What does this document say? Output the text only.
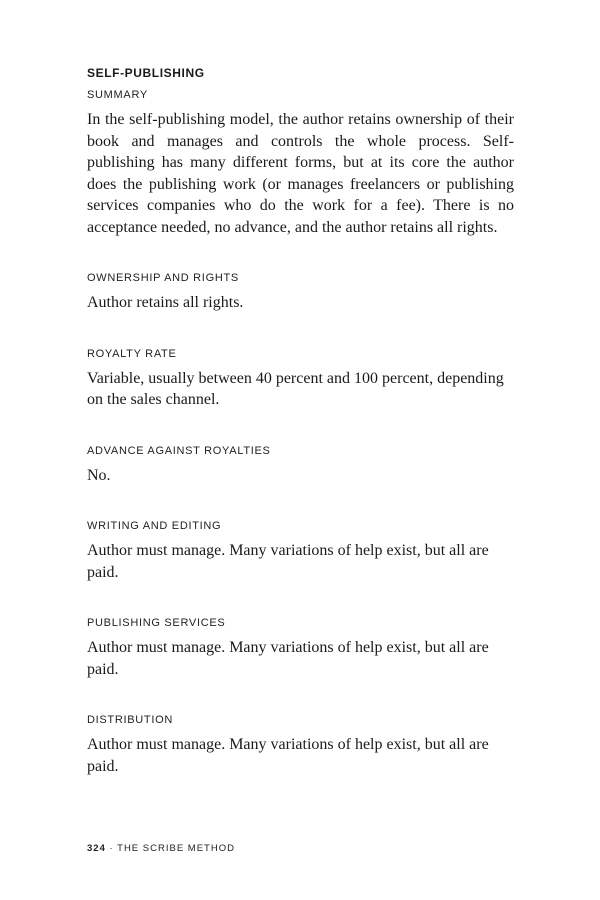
SELF-PUBLISHING

SUMMARY

In the self-publishing model, the author retains ownership of their book and manages and controls the whole process. Self-publishing has many different forms, but at its core the author does the publishing work (or manages freelancers or publishing services companies who do the work for a fee). There is no acceptance needed, no advance, and the author retains all rights.

OWNERSHIP AND RIGHTS

Author retains all rights.

ROYALTY RATE

Variable, usually between 40 percent and 100 percent, depending on the sales channel.

ADVANCE AGAINST ROYALTIES

No.

WRITING AND EDITING

Author must manage. Many variations of help exist, but all are paid.

PUBLISHING SERVICES

Author must manage. Many variations of help exist, but all are paid.

DISTRIBUTION

Author must manage. Many variations of help exist, but all are paid.

324 · THE SCRIBE METHOD
